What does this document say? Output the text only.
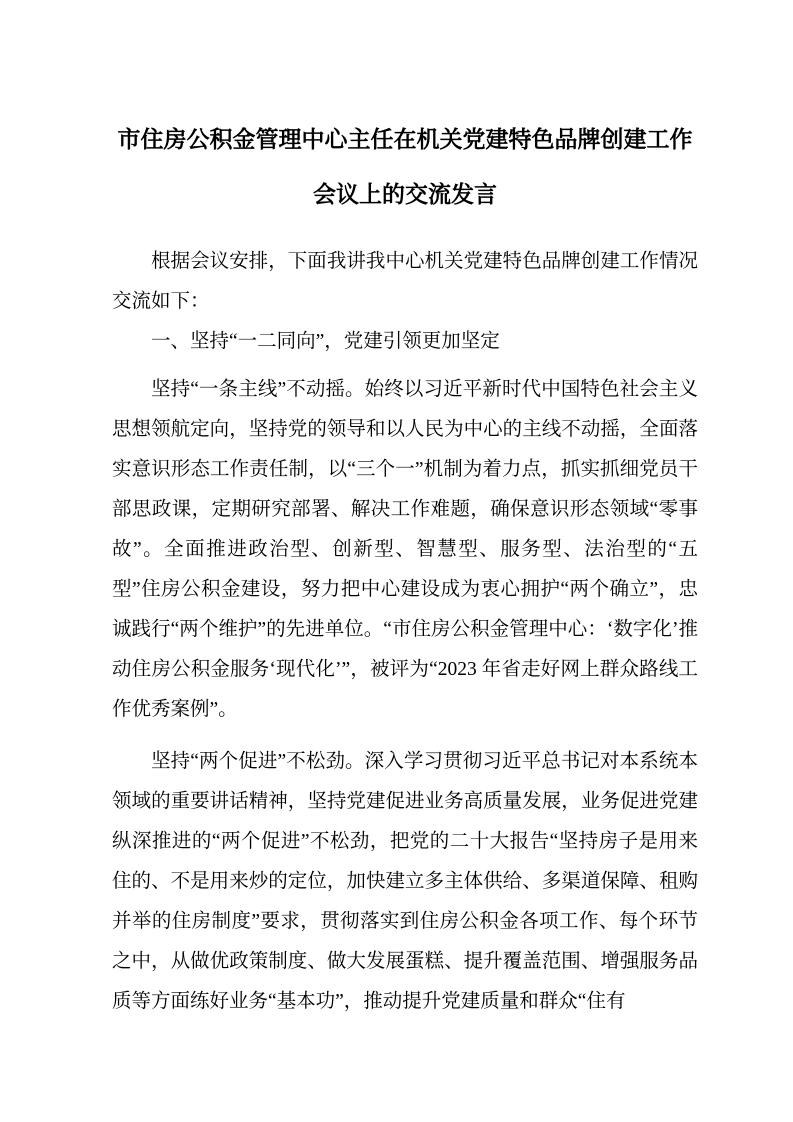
市住房公积金管理中心主任在机关党建特色品牌创建工作会议上的交流发言

根据会议安排，下面我讲我中心机关党建特色品牌创建工作情况交流如下：

一、坚持“一二同向”，党建引领更加坚定

坚持“一条主线”不动摇。始终以习近平新时代中国特色社会主义思想领航定向，坚持党的领导和以人民为中心的主线不动摇，全面落实意识形态工作责任制，以“三个一”机制为着力点，抓实抓细党员干部思政课，定期研究部署、解决工作难题，确保意识形态领域“零事故”。全面推进政治型、创新型、智慧型、服务型、法治型的“五型”住房公积金建设，努力把中心建设成为衷心拥护“两个确立”，忠诚践行“两个维护”的先进单位。“市住房公积金管理中心：‘数字化’推动住房公积金服务‘现代化’”，被评为“2023 年省走好网上群众路线工作优秀案例”。

坚持“两个促进”不松劲。深入学习贯彻习近平总书记对本系统本领域的重要讲话精神，坚持党建促进业务高质量发展，业务促进党建纵深推进的“两个促进”不松劲，把党的二十大报告“坚持房子是用来住的、不是用来炒的定位，加快建立多主体供给、多渠道保障、租购并举的住房制度”要求，贯彻落实到住房公积金各项工作、每个环节之中，从做优政策制度、做大发展蛋糕、提升覆盖范围、增强服务品质等方面练好业务“基本功”，推动提升党建质量和群众“住有
